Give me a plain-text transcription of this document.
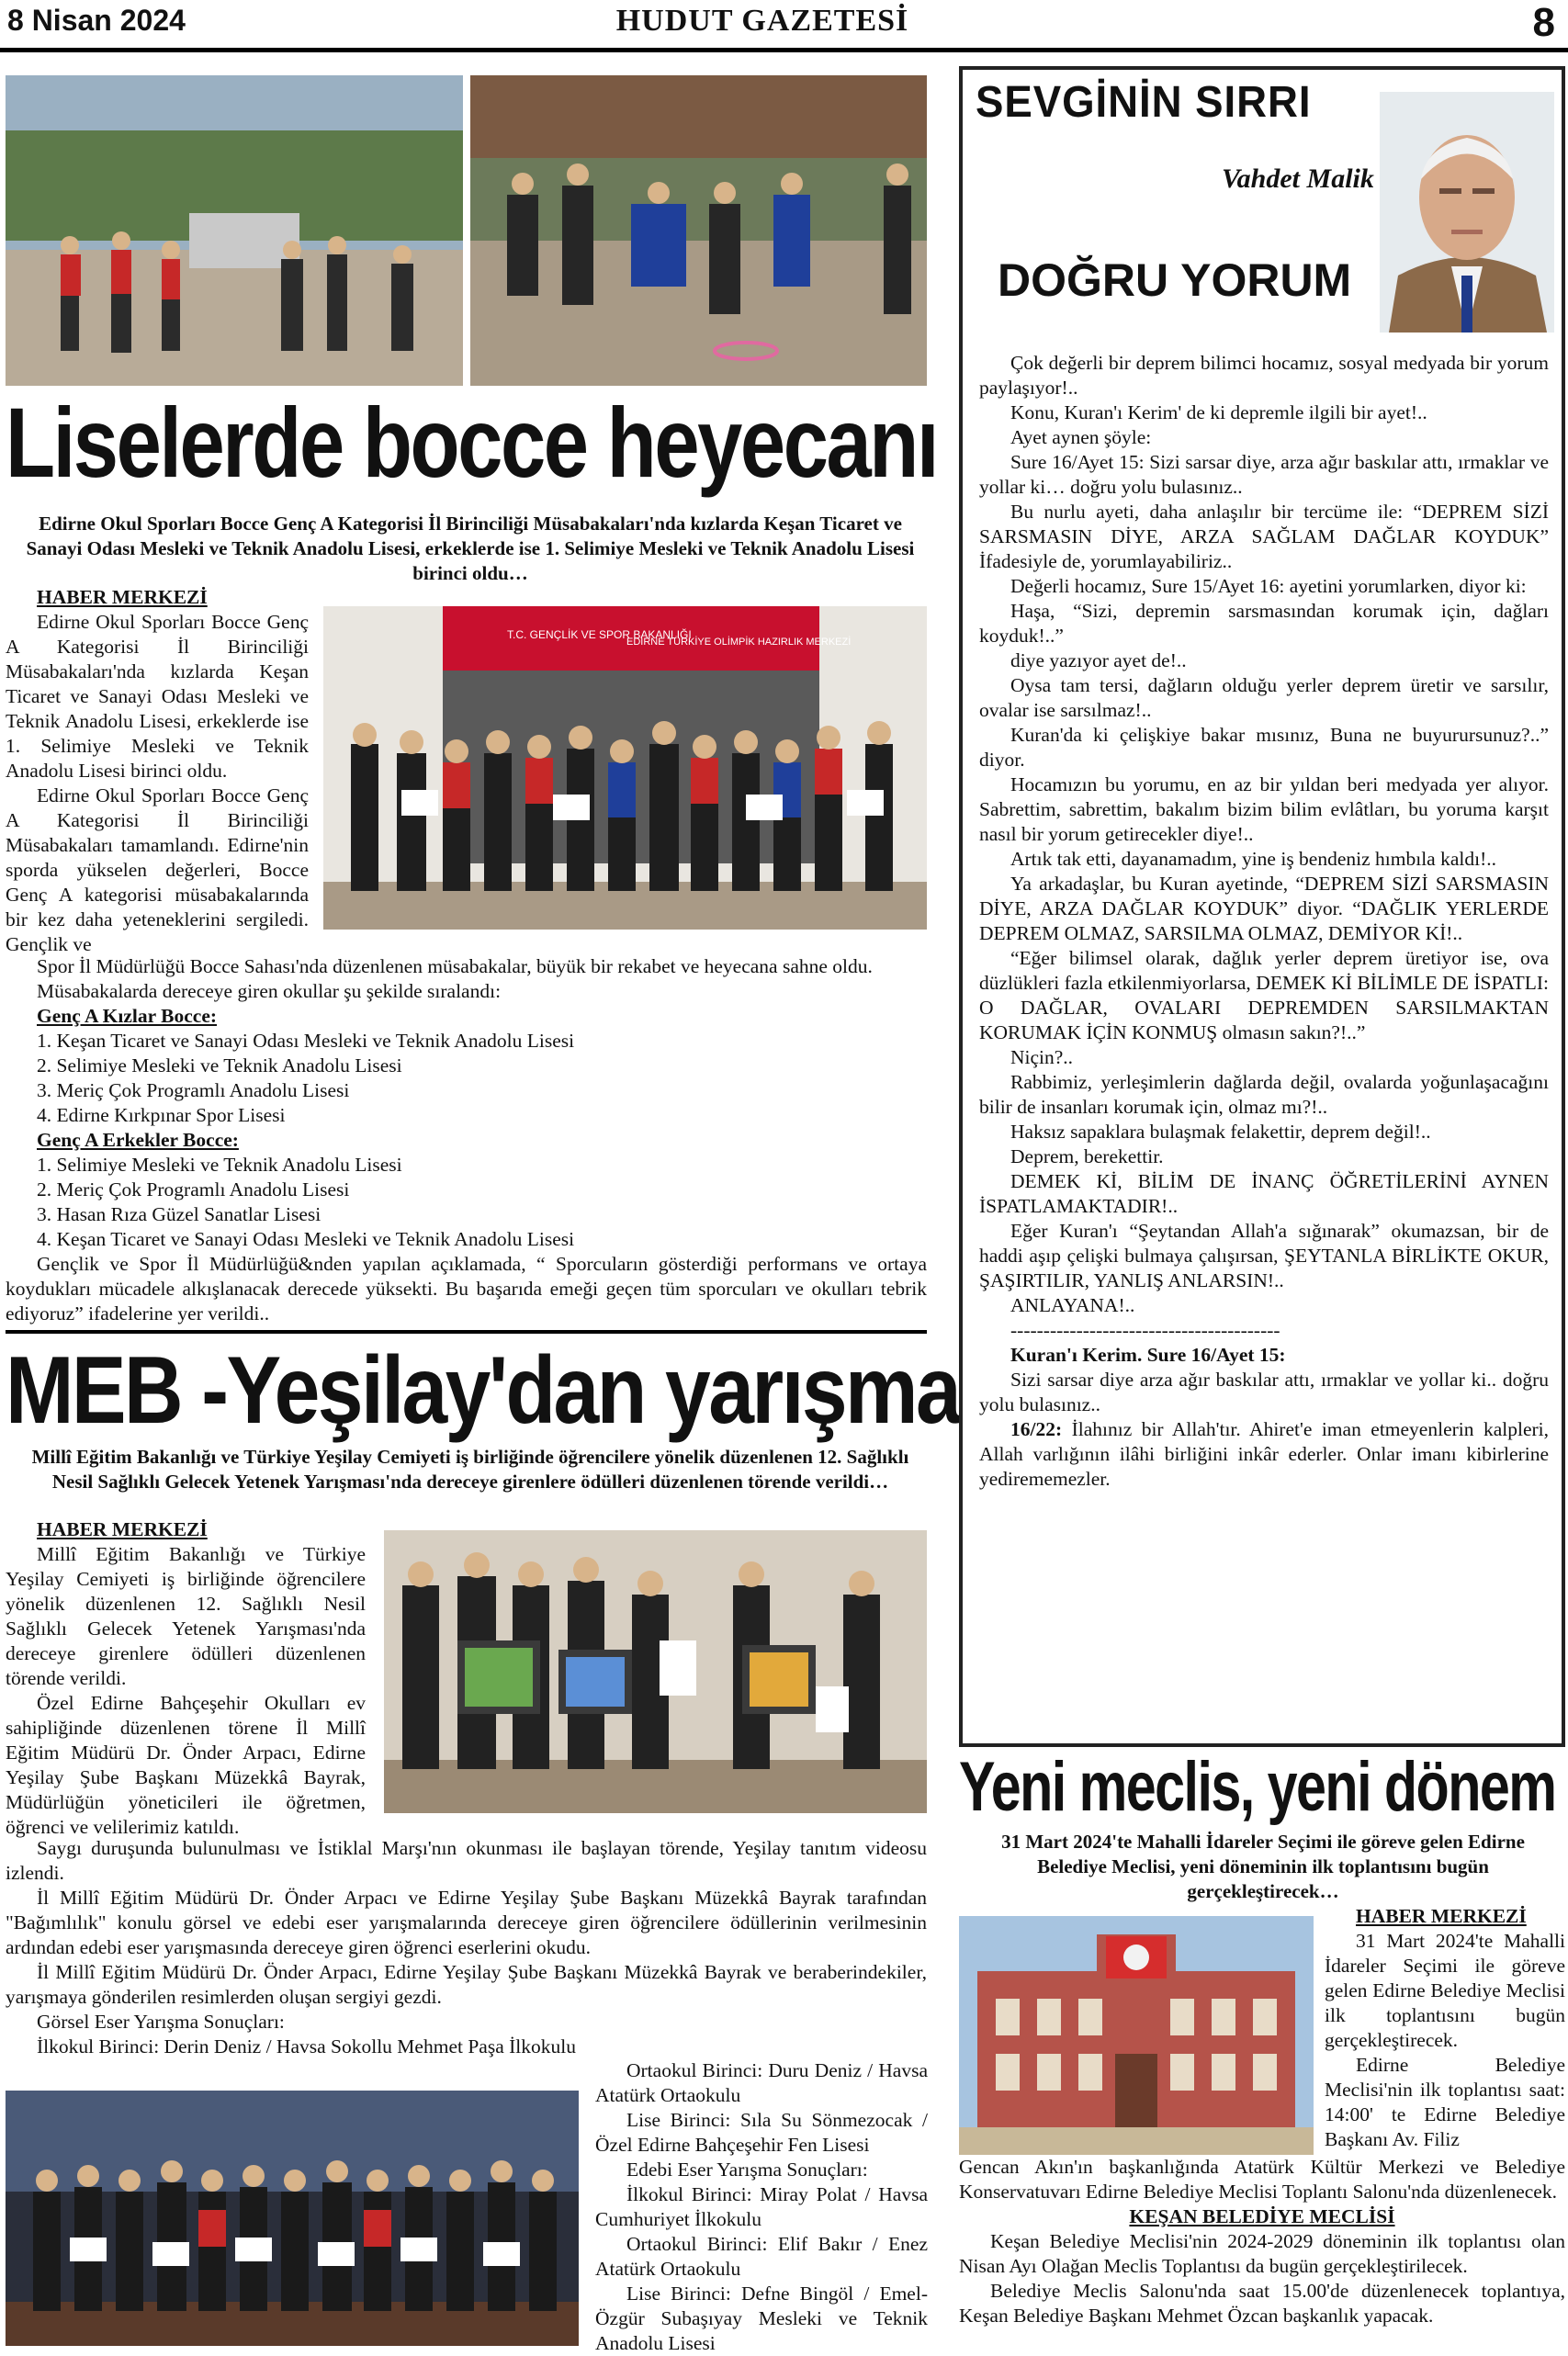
8 Nisan 2024	HUDUT GAZETESİ	8
Liselerde bocce heyecanı
Edirne Okul Sporları Bocce Genç A Kategorisi İl Birinciliği Müsabakaları'nda kızlarda Keşan Ticaret ve Sanayi Odası Mesleki ve Teknik Anadolu Lisesi, erkeklerde ise 1. Selimiye Mesleki ve Teknik Anadolu Lisesi birinci oldu…

HABER MERKEZİ

Edirne Okul Sporları Bocce Genç A Kategorisi İl Birinciliği Müsabakaları'nda kızlarda Keşan Ticaret ve Sanayi Odası Mesleki ve Teknik Anadolu Lisesi, erkeklerde ise 1. Selimiye Mesleki ve Teknik Anadolu Lisesi birinci oldu.

Edirne Okul Sporları Bocce Genç A Kategorisi İl Birinciliği Müsabakaları tamamlandı. Edirne'nin sporda yükselen değerleri, Bocce Genç A kategorisi müsabakalarında bir kez daha yeteneklerini sergiledi. Gençlik ve

T.C. GENÇLİK VE SPOR BAKANLIĞI
EDİRNE TÜRKİYE OLİMPİK HAZIRLIK MERKEZİ

Spor İl Müdürlüğü Bocce Sahası'nda düzenlenen müsabakalar, büyük bir rekabet ve heyecana sahne oldu.

Müsabakalarda dereceye giren okullar şu şekilde sıralandı:

Genç A Kızlar Bocce:

1. Keşan Ticaret ve Sanayi Odası Mesleki ve Teknik Anadolu Lisesi

2. Selimiye Mesleki ve Teknik Anadolu Lisesi

3. Meriç Çok Programlı Anadolu Lisesi

4. Edirne Kırkpınar Spor Lisesi

Genç A Erkekler Bocce:

1. Selimiye Mesleki ve Teknik Anadolu Lisesi

2. Meriç Çok Programlı Anadolu Lisesi

3. Hasan Rıza Güzel Sanatlar Lisesi

4. Keşan Ticaret ve Sanayi Odası Mesleki ve Teknik Anadolu Lisesi

Gençlik ve Spor İl Müdürlüğü&nden yapılan açıklamada, “ Sporcuların gösterdiği performans ve ortaya koydukları mücadele alkışlanacak derecede yüksekti. Bu başarıda emeği geçen tüm sporcuları ve okulları tebrik ediyoruz” ifadelerine yer verildi..

MEB -Yeşilay'dan yarışma
Millî Eğitim Bakanlığı ve Türkiye Yeşilay Cemiyeti iş birliğinde öğrencilere yönelik düzenlenen 12. Sağlıklı Nesil Sağlıklı Gelecek Yetenek Yarışması'nda dereceye girenlere ödülleri düzenlenen törende verildi…

HABER MERKEZİ

Millî Eğitim Bakanlığı ve Türkiye Yeşilay Cemiyeti iş birliğinde öğrencilere yönelik düzenlenen 12. Sağlıklı Nesil Sağlıklı Gelecek Yetenek Yarışması'nda dereceye girenlere ödülleri düzenlenen törende verildi.

Özel Edirne Bahçeşehir Okulları ev sahipliğinde düzenlenen törene İl Millî Eğitim Müdürü Dr. Önder Arpacı, Edirne Yeşilay Şube Başkanı Müzekkâ Bayrak, Müdürlüğün yöneticileri ile öğretmen, öğrenci ve velilerimiz katıldı.

Saygı duruşunda bulunulması ve İstiklal Marşı'nın okunması ile başlayan törende, Yeşilay tanıtım videosu izlendi.

İl Millî Eğitim Müdürü Dr. Önder Arpacı ve Edirne Yeşilay Şube Başkanı Müzekkâ Bayrak tarafından "Bağımlılık" konulu görsel ve edebi eser yarışmalarında dereceye giren öğrencilere ödüllerinin verilmesinin ardından edebi eser yarışmasında dereceye giren öğrenci eserlerini okudu.

İl Millî Eğitim Müdürü Dr. Önder Arpacı, Edirne Yeşilay Şube Başkanı Müzekkâ Bayrak ve beraberindekiler, yarışmaya gönderilen resimlerden oluşan sergiyi gezdi.

Görsel Eser Yarışma Sonuçları:

İlkokul Birinci: Derin Deniz / Havsa Sokollu Mehmet Paşa İlkokulu

Ortaokul Birinci: Duru Deniz / Havsa Atatürk Ortaokulu

Lise Birinci: Sıla Su Sönmezocak / Özel Edirne Bahçeşehir Fen Lisesi

Edebi Eser Yarışma Sonuçları:

İlkokul Birinci: Miray Polat / Havsa Cumhuriyet İlkokulu

Ortaokul Birinci: Elif Bakır / Enez Atatürk Ortaokulu

Lise Birinci: Defne Bingöl / Emel-Özgür Subaşıyay Mesleki ve Teknik Anadolu Lisesi

SEVGİNİN SIRRI
Vahdet Malik
DOĞRU YORUM

Çok değerli bir deprem bilimci hocamız, sosyal medyada bir yorum paylaşıyor!..

Konu, Kuran'ı Kerim' de ki depremle ilgili bir ayet!..

Ayet aynen şöyle:

Sure 16/Ayet 15: Sizi sarsar diye, arza ağır baskılar attı, ırmaklar ve yollar ki… doğru yolu bulasınız..

Bu nurlu ayeti, daha anlaşılır bir tercüme ile: “DEPREM SİZİ SARSMASIN DİYE, ARZA SAĞLAM DAĞLAR KOYDUK” İfadesiyle de, yorumlayabiliriz..

Değerli hocamız, Sure 15/Ayet 16: ayetini yorumlarken, diyor ki:

Haşa, “Sizi, depremin sarsmasından korumak için, dağları koyduk!..”

diye yazıyor ayet de!..

Oysa tam tersi, dağların olduğu yerler deprem üretir ve sarsılır, ovalar ise sarsılmaz!..

Kuran'da ki çelişkiye bakar mısınız, Buna ne buyurursunuz?..” diyor.

Hocamızın bu yorumu, en az bir yıldan beri medyada yer alıyor. Sabrettim, sabrettim, bakalım bizim bilim evlâtları, bu yoruma karşıt nasıl bir yorum getirecekler diye!..

Artık tak etti, dayanamadım, yine iş bendeniz hımbıla kaldı!..

Ya arkadaşlar, bu Kuran ayetinde, “DEPREM SİZİ SARSMASIN DİYE, ARZA DAĞLAR KOYDUK” diyor. “DAĞLIK YERLERDE DEPREM OLMAZ, SARSILMA OLMAZ, DEMİYOR Kİ!..

“Eğer bilimsel olarak, dağlık yerler deprem üretiyor ise, ova düzlükleri fazla etkilenmiyorlarsa, DEMEK Kİ BİLİMLE DE İSPATLI: O DAĞLAR, OVALARI DEPREMDEN SARSILMAKTAN KORUMAK İÇİN KONMUŞ olmasın sakın?!..”

Niçin?..

Rabbimiz, yerleşimlerin dağlarda değil, ovalarda yoğunlaşacağını bilir de insanları korumak için, olmaz mı?!..

Haksız sapaklara bulaşmak felakettir, deprem değil!..

Deprem, berekettir.

DEMEK Kİ, BİLİM DE İNANÇ ÖĞRETİLERİNİ AYNEN İSPATLAMAKTADIR!..

Eğer Kuran'ı “Şeytandan Allah'a sığınarak” okumazsan, bir de haddi aşıp çelişki bulmaya çalışırsan, ŞEYTANLA BİRLİKTE OKUR, ŞAŞIRTILIR, YANLIŞ ANLARSIN!..

ANLAYANA!..

-----------------------------------------

Kuran'ı Kerim. Sure 16/Ayet 15:

Sizi sarsar diye arza ağır baskılar attı, ırmaklar ve yollar ki.. doğru yolu bulasınız..

16/22: İlahınız bir Allah'tır. Ahiret'e iman etmeyenlerin kalpleri, Allah varlığının ilâhi birliğini inkâr ederler. Onlar imanı kibirlerine yedirememezler.

Yeni meclis, yeni dönem
31 Mart 2024'te Mahalli İdareler Seçimi ile göreve gelen Edirne Belediye Meclisi, yeni döneminin ilk toplantısını bugün gerçekleştirecek…

HABER MERKEZİ

31 Mart 2024'te Mahalli İdareler Seçimi ile göreve gelen Edirne Belediye Meclisi ilk toplantısını bugün gerçekleştirecek.

Edirne Belediye Meclisi'nin ilk toplantısı saat: 14:00' te Edirne Belediye Başkanı Av. Filiz

Gencan Akın'ın başkanlığında Atatürk Kültür Merkezi ve Belediye Konservatuvarı Edirne Belediye Meclisi Toplantı Salonu'nda düzenlenecek.

KEŞAN BELEDİYE MECLİSİ

Keşan Belediye Meclisi'nin 2024-2029 döneminin ilk toplantısı olan Nisan Ayı Olağan Meclis Toplantısı da bugün gerçekleştirilecek.

Belediye Meclis Salonu'nda saat 15.00'de düzenlenecek toplantıya, Keşan Belediye Başkanı Mehmet Özcan başkanlık yapacak.
